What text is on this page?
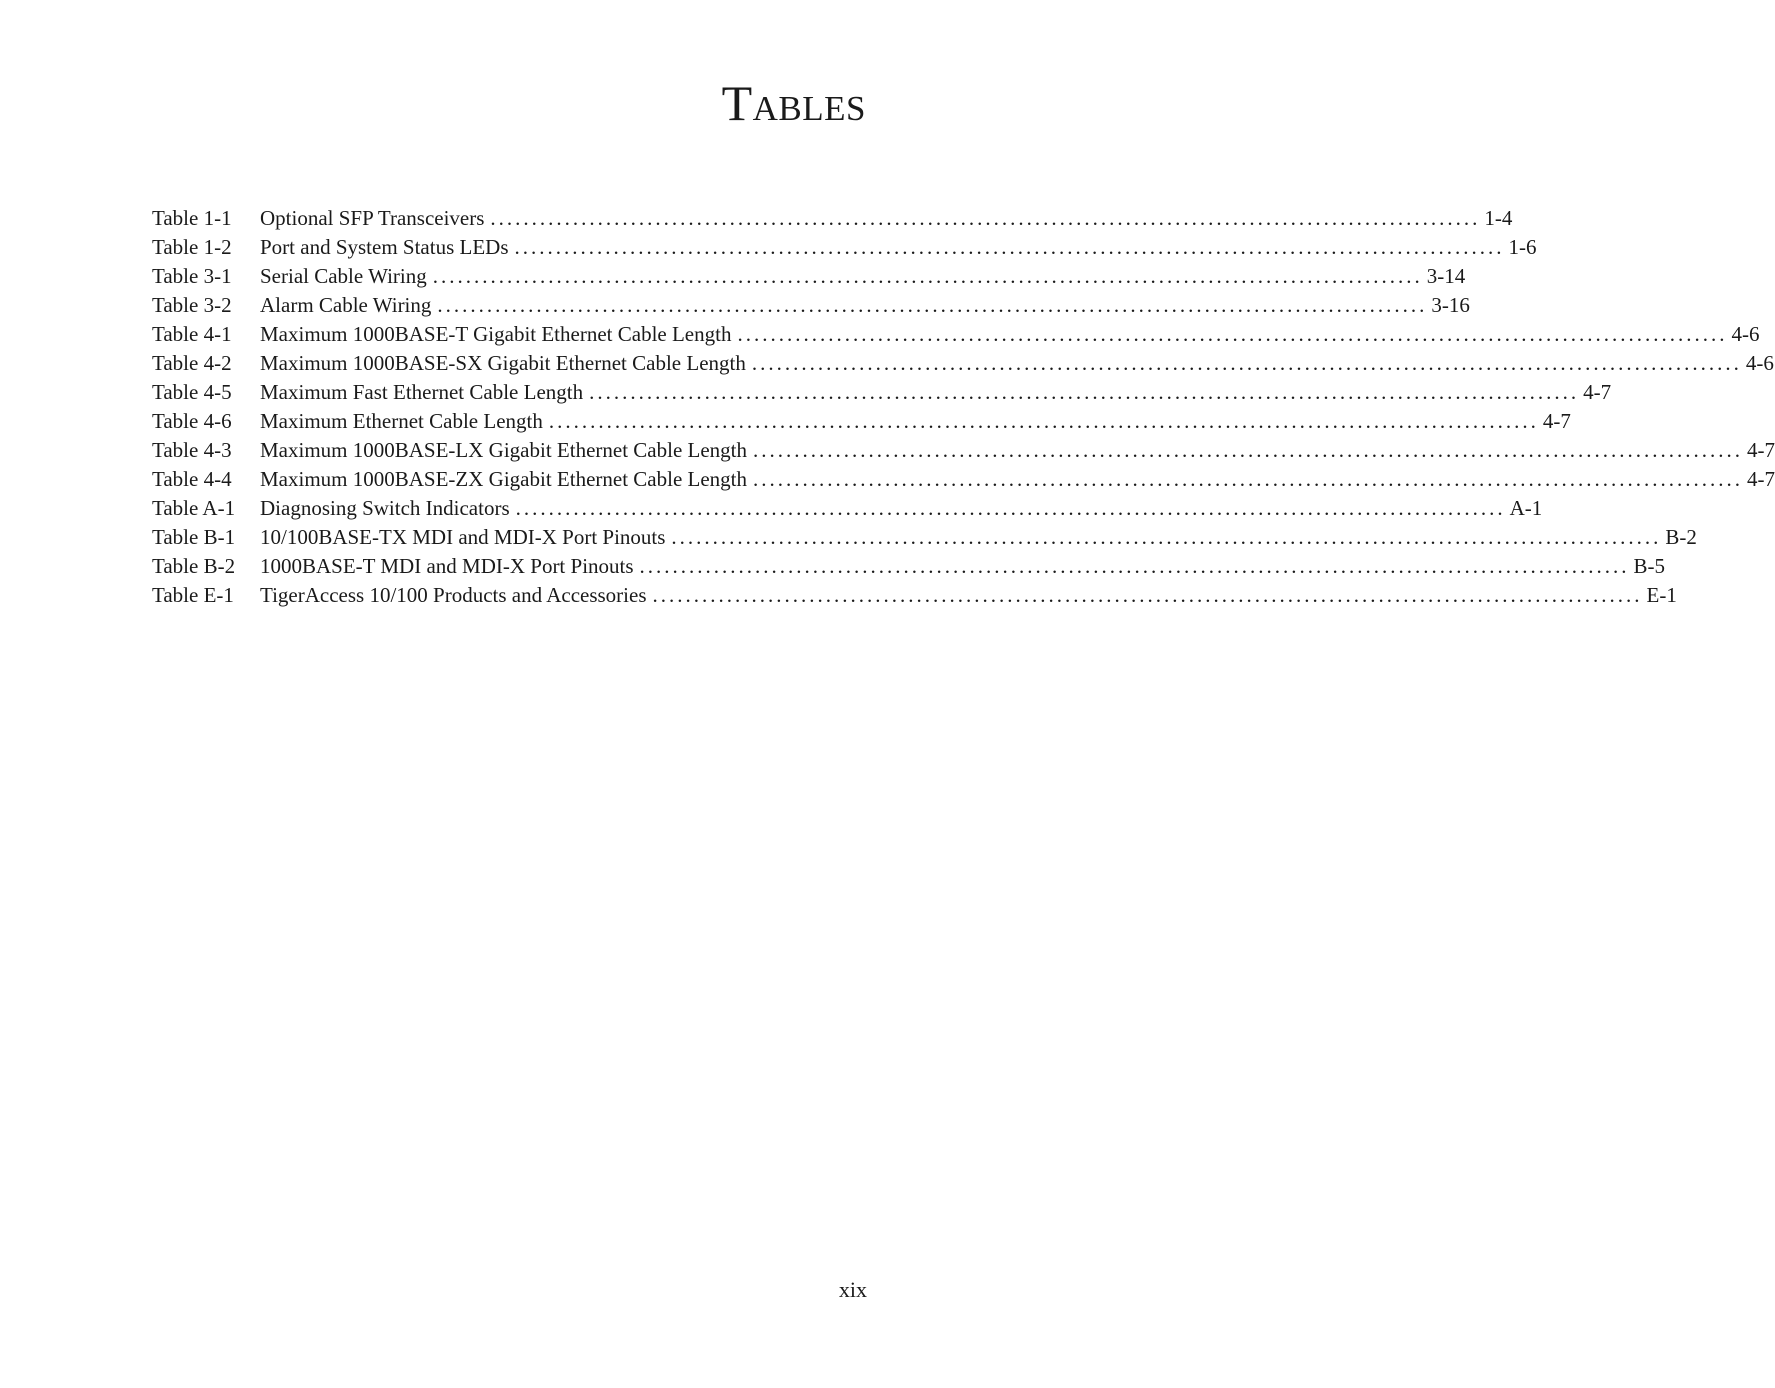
Tables
Table 1-1	Optional SFP Transceivers ........................................................................................................................ 1-4
Table 1-2	Port and System Status LEDs ........................................................................................................................ 1-6
Table 3-1	Serial Cable Wiring ........................................................................................................................ 3-14
Table 3-2	Alarm Cable Wiring ........................................................................................................................ 3-16
Table 4-1	Maximum 1000BASE-T Gigabit Ethernet Cable Length ........................................................................................................................ 4-6
Table 4-2	Maximum 1000BASE-SX Gigabit Ethernet Cable Length ........................................................................................................................ 4-6
Table 4-5	Maximum Fast Ethernet Cable Length ........................................................................................................................ 4-7
Table 4-6	Maximum Ethernet Cable Length ........................................................................................................................ 4-7
Table 4-3	Maximum 1000BASE-LX Gigabit Ethernet Cable Length ........................................................................................................................ 4-7
Table 4-4	Maximum 1000BASE-ZX Gigabit Ethernet Cable Length ........................................................................................................................ 4-7
Table A-1	Diagnosing Switch Indicators ........................................................................................................................ A-1
Table B-1	10/100BASE-TX MDI and MDI-X Port Pinouts ........................................................................................................................ B-2
Table B-2	1000BASE-T MDI and MDI-X Port Pinouts ........................................................................................................................ B-5
Table E-1	TigerAccess 10/100 Products and Accessories ........................................................................................................................ E-1
xix
